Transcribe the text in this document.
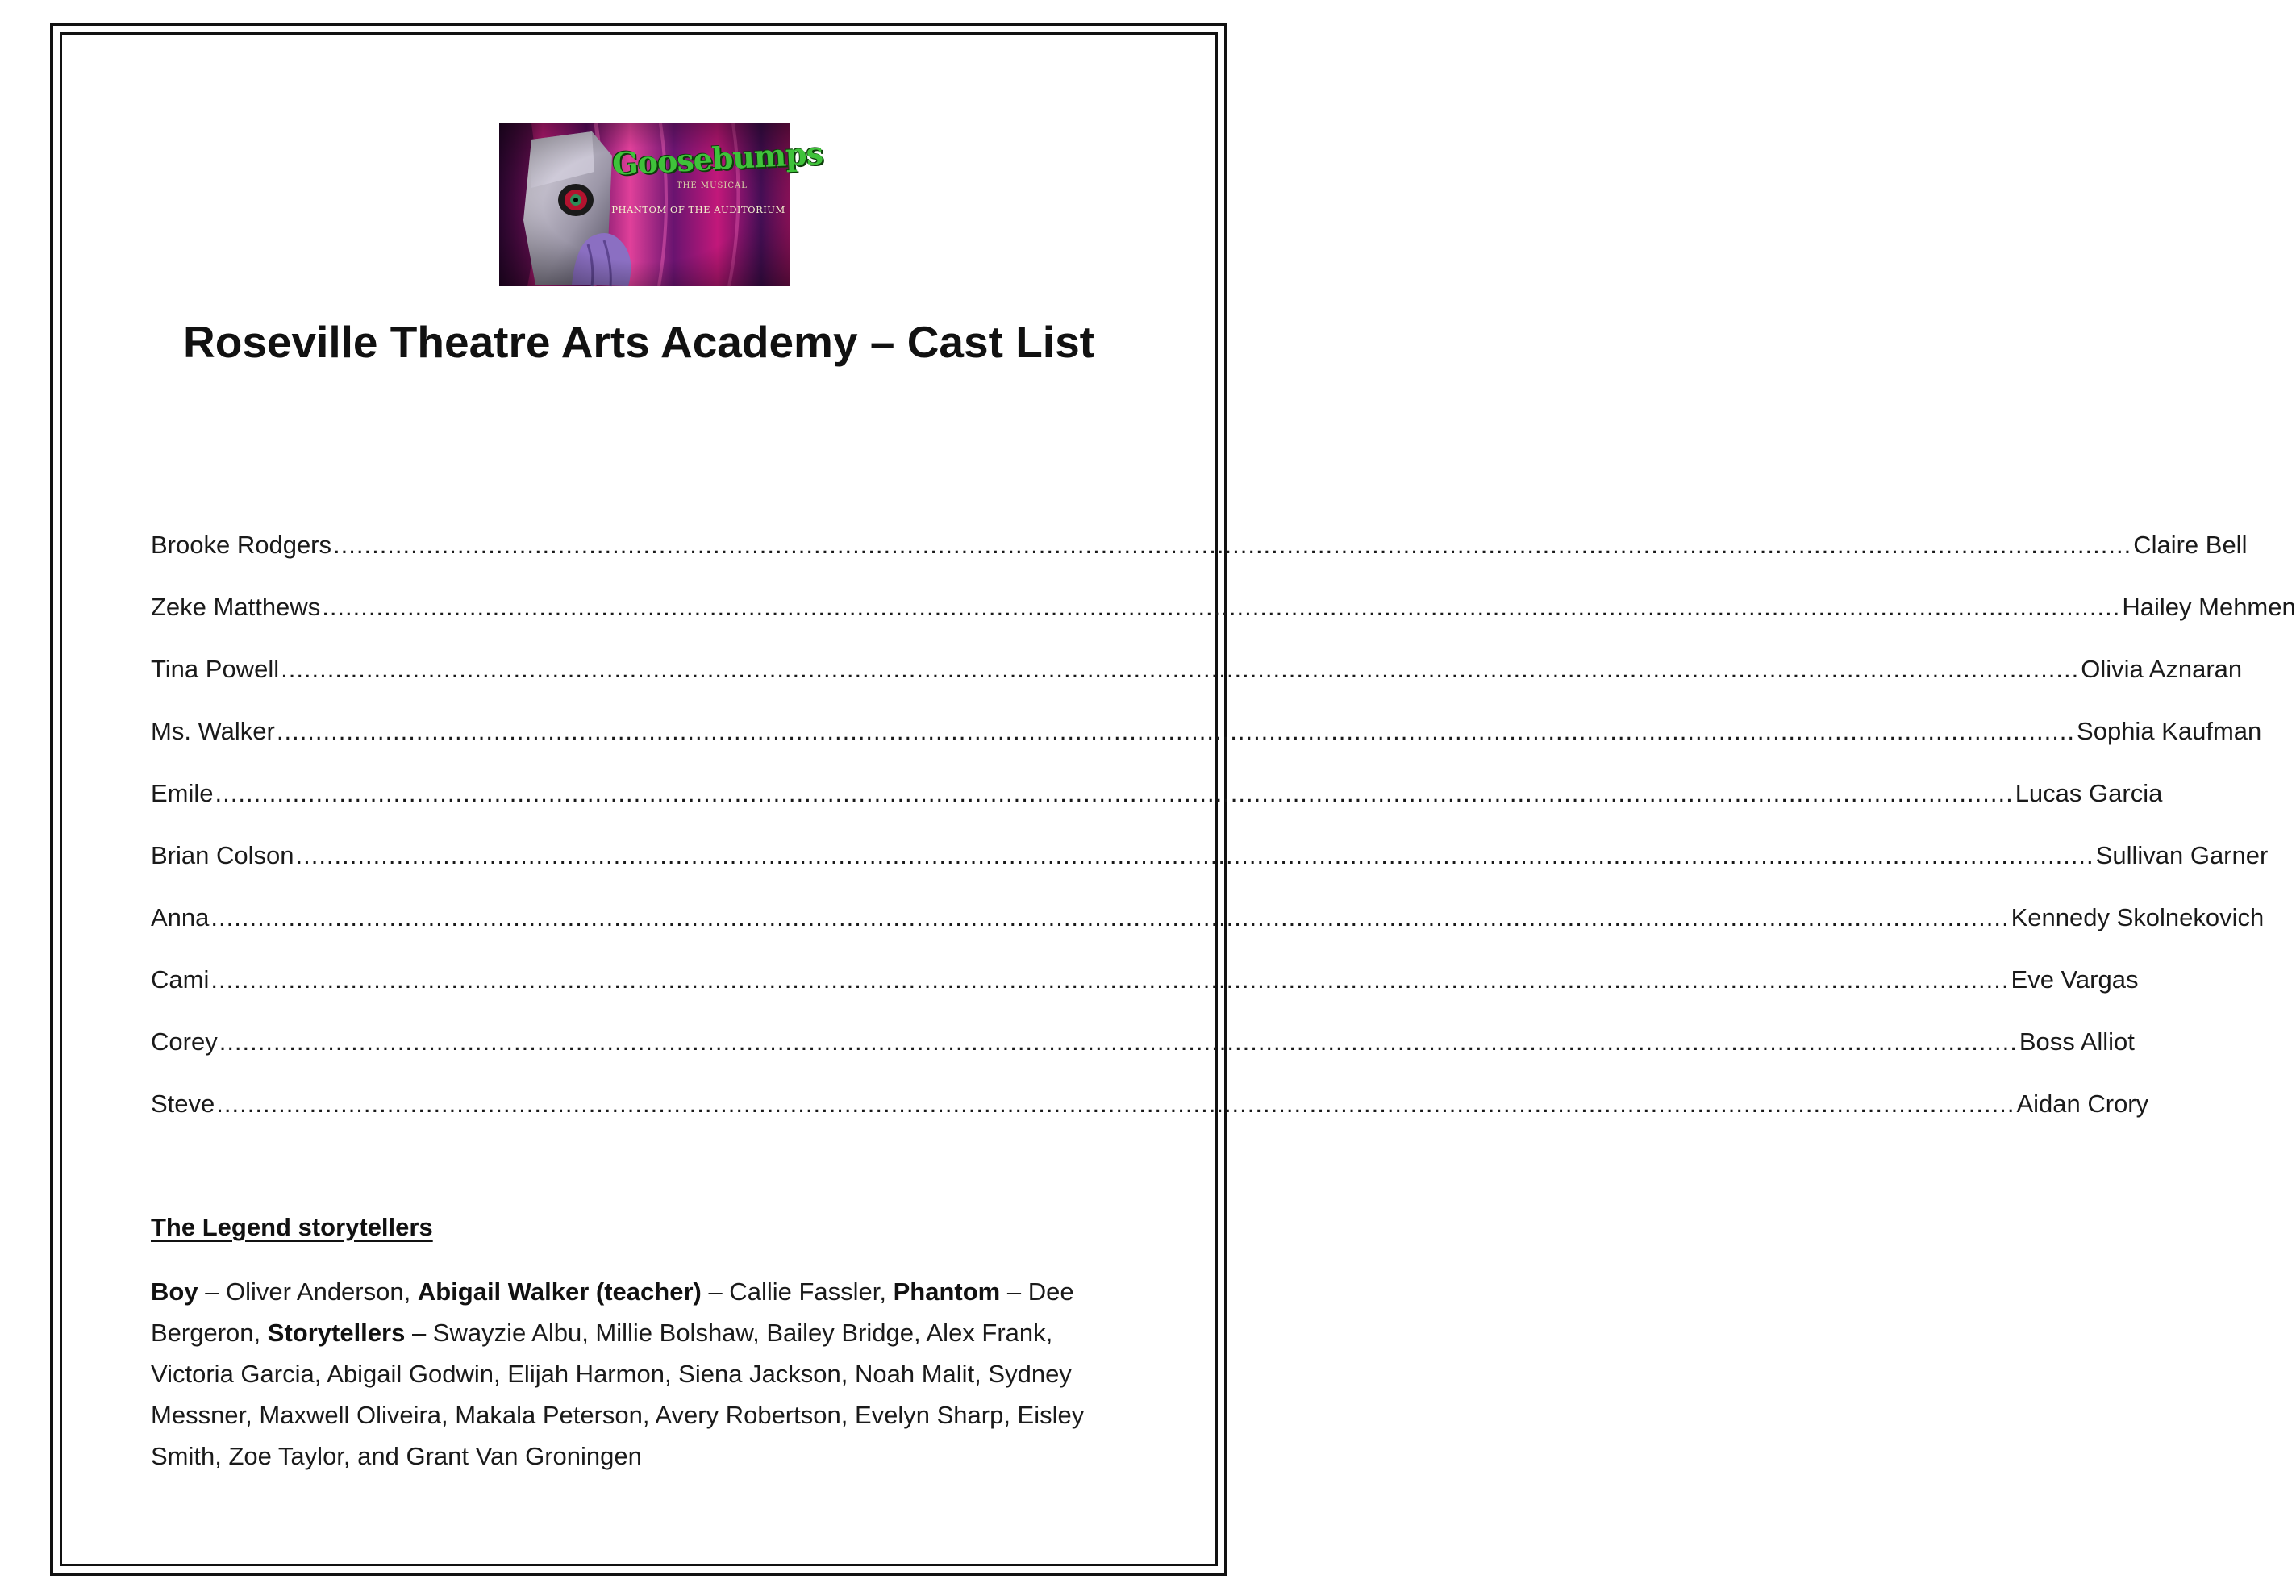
Goosebumps
THE MUSICAL
PHANTOM OF THE AUDITORIUM
Roseville Theatre Arts Academy – Cast List
Brooke Rodgers .....	Claire Bell
Zeke Matthews .....	Hailey Mehmen
Tina Powell .....	Olivia Aznaran
Ms. Walker .....	Sophia Kaufman
Emile .....	Lucas Garcia
Brian Colson .....	Sullivan Garner
Anna .....	Kennedy Skolnekovich
Cami .....	Eve Vargas
Corey .....	Boss Alliot
Steve .....	Aidan Crory
The Legend storytellers

Boy – Oliver Anderson, Abigail Walker (teacher) – Callie Fassler, Phantom – Dee Bergeron, Storytellers – Swayzie Albu, Millie Bolshaw, Bailey Bridge, Alex Frank, Victoria Garcia, Abigail Godwin, Elijah Harmon, Siena Jackson, Noah Malit, Sydney Messner, Maxwell Oliveira, Makala Peterson, Avery Robertson, Evelyn Sharp, Eisley Smith, Zoe Taylor, and Grant Van Groningen
